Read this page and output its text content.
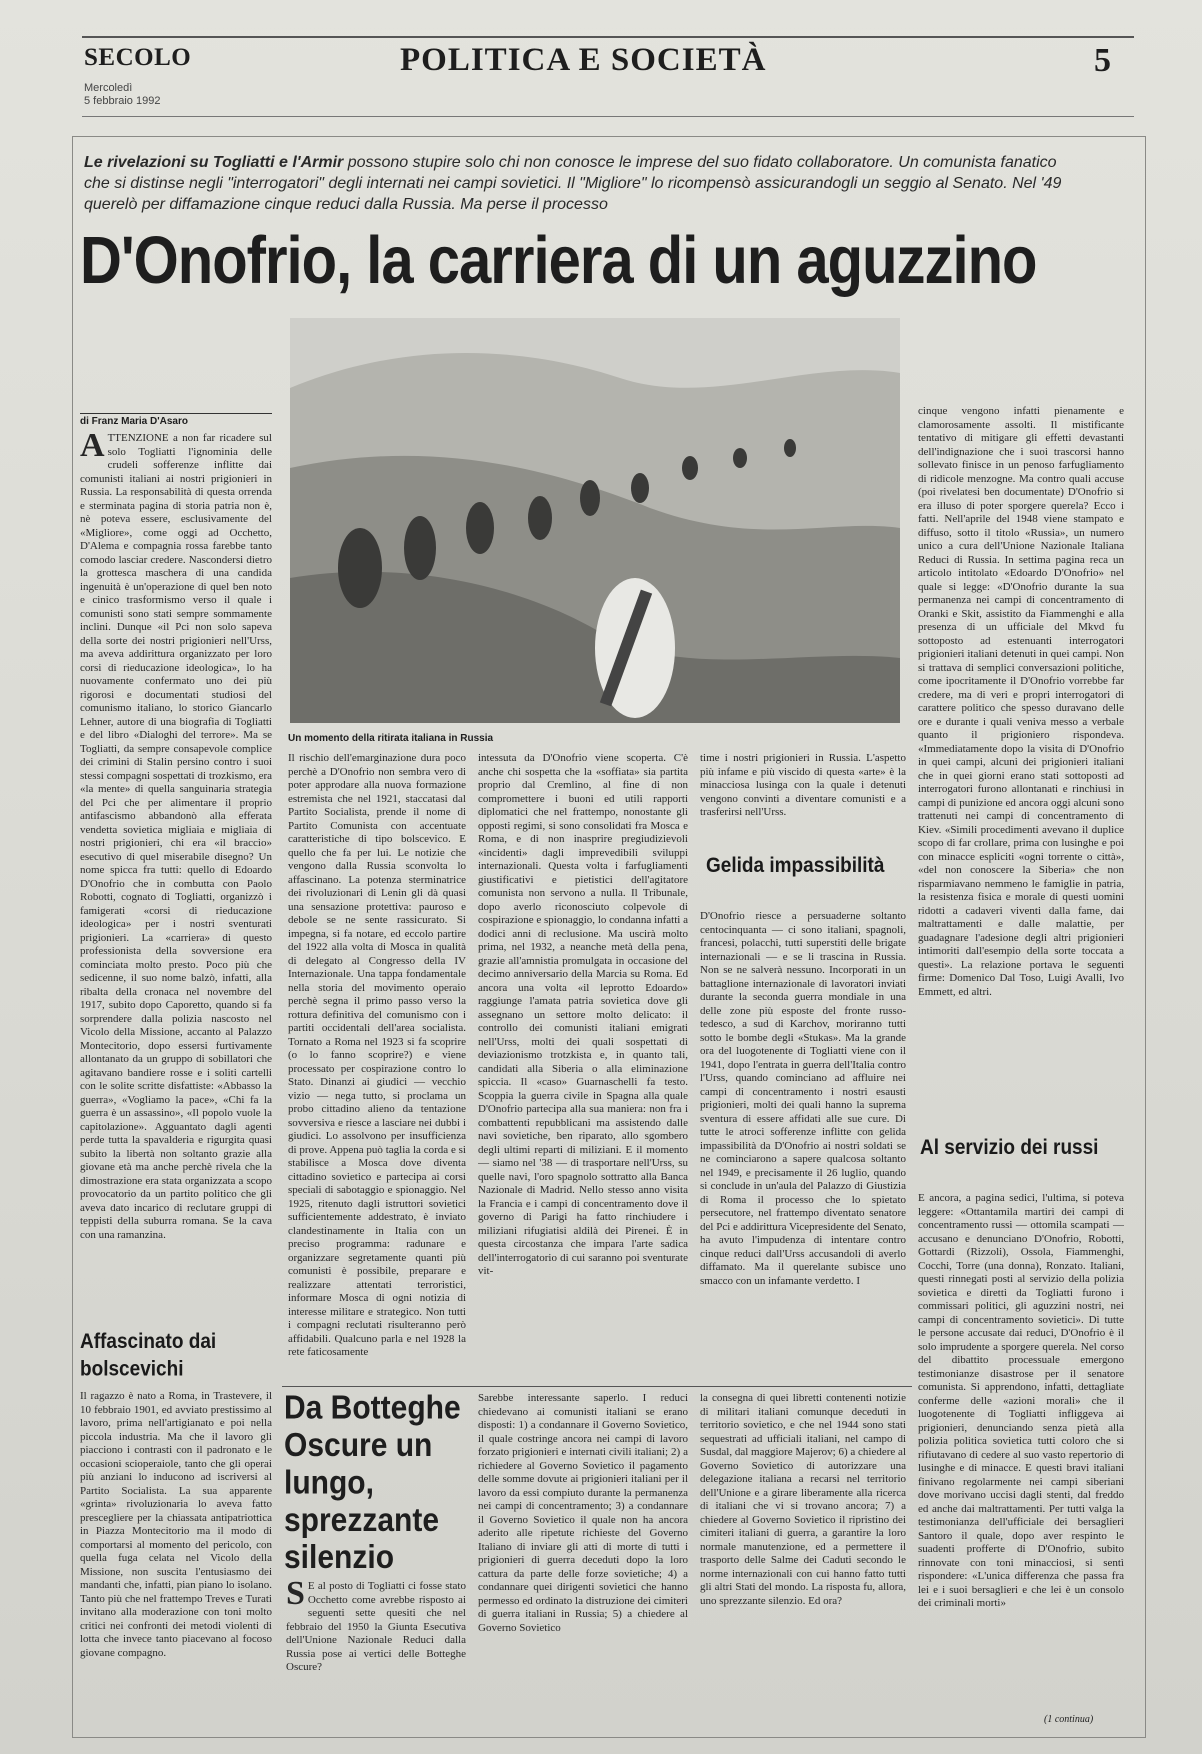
SECOLO
Mercoledì
5 febbraio 1992
POLITICA E SOCIETÀ	5
Le rivelazioni su Togliatti e l'Armir possono stupire solo chi non conosce le imprese del suo fidato collaboratore. Un comunista fanatico che si distinse negli "interrogatori" degli internati nei campi sovietici. Il "Migliore" lo ricompensò assicurandogli un seggio al Senato. Nel '49 querelò per diffamazione cinque reduci dalla Russia. Ma perse il processo
D'Onofrio, la carriera di un aguzzino
Un momento della ritirata italiana in Russia
di Franz Maria D'Asaro
ATTENZIONE a non far ricadere sul solo Togliatti l'ignominia delle crudeli sofferenze inflitte dai comunisti italiani ai nostri prigionieri in Russia. La responsabilità di questa orrenda e sterminata pagina di storia patria non è, nè poteva essere, esclusivamente del «Migliore», come oggi ad Occhetto, D'Alema e compagnia rossa farebbe tanto comodo lasciar credere. Nascondersi dietro la grottesca maschera di una candida ingenuità è un'operazione di quel ben noto e cinico trasformismo verso il quale i comunisti sono stati sempre sommamente inclini. Dunque «il Pci non solo sapeva della sorte dei nostri prigionieri nell'Urss, ma aveva addirittura organizzato per loro corsi di rieducazione ideologica», lo ha nuovamente confermato uno dei più rigorosi e documentati studiosi del comunismo italiano, lo storico Giancarlo Lehner, autore di una biografia di Togliatti e del libro «Dialoghi del terrore». Ma se Togliatti, da sempre consapevole complice dei crimini di Stalin persino contro i suoi stessi compagni sospettati di trozkismo, era «la mente» di quella sanguinaria strategia del Pci che per alimentare il proprio antifascismo abbandonò alla efferata vendetta sovietica migliaia e migliaia di nostri prigionieri, chi era «il braccio» esecutivo di quel miserabile disegno? Un nome spicca fra tutti: quello di Edoardo D'Onofrio che in combutta con Paolo Robotti, cognato di Togliatti, organizzò i famigerati «corsi di rieducazione ideologica» per i nostri sventurati prigionieri. La «carriera» di questo professionista della sovversione era cominciata molto presto. Poco più che sedicenne, il suo nome balzò, infatti, alla ribalta della cronaca nel novembre del 1917, subito dopo Caporetto, quando si fa sorprendere dalla polizia nascosto nel Vicolo della Missione, accanto al Palazzo Montecitorio, dopo essersi furtivamente allontanato da un gruppo di sobillatori che agitavano bandiere rosse e i soliti cartelli con le solite scritte disfattiste: «Abbasso la guerra», «Vogliamo la pace», «Chi fa la guerra è un assassino», «Il popolo vuole la capitolazione». Agguantato dagli agenti perde tutta la spavalderia e rigurgita quasi subito la libertà non soltanto grazie alla giovane età ma anche perchè rivela che la dimostrazione era stata organizzata a scopo provocatorio da un partito politico che gli aveva dato incarico di reclutare gruppi di teppisti della suburra romana. Se la cava con una ramanzina.
Affascinato dai bolscevichi
Il ragazzo è nato a Roma, in Trastevere, il 10 febbraio 1901, ed avviato prestissimo al lavoro, prima nell'artigianato e poi nella piccola industria. Ma che il lavoro gli piacciono i contrasti con il padronato e le occasioni scioperaiole, tanto che gli operai più anziani lo inducono ad iscriversi al Partito Socialista. La sua apparente «grinta» rivoluzionaria lo aveva fatto prescegliere per la chiassata antipatriottica in Piazza Montecitorio ma il modo di comportarsi al momento del pericolo, con quella fuga celata nel Vicolo della Missione, non suscita l'entusiasmo dei mandanti che, infatti, pian piano lo isolano. Tanto più che nel frattempo Treves e Turati invitano alla moderazione con toni molto critici nei confronti dei metodi violenti di lotta che invece tanto piacevano al focoso giovane compagno.
Il rischio dell'emarginazione dura poco perchè a D'Onofrio non sembra vero di poter approdare alla nuova formazione estremista che nel 1921, staccatasi dal Partito Socialista, prende il nome di Partito Comunista con accentuate caratteristiche di tipo bolscevico. E quello che fa per lui. Le notizie che vengono dalla Russia sconvolta lo affascinano. La potenza sterminatrice dei rivoluzionari di Lenin gli dà quasi una sensazione protettiva: pauroso e debole se ne sente rassicurato. Si impegna, si fa notare, ed eccolo partire del 1922 alla volta di Mosca in qualità di delegato al Congresso della IV Internazionale. Una tappa fondamentale nella storia del movimento operaio perchè segna il primo passo verso la rottura definitiva del comunismo con i partiti occidentali dell'area socialista. Tornato a Roma nel 1923 si fa scoprire (o lo fanno scoprire?) e viene processato per cospirazione contro lo Stato. Dinanzi ai giudici — vecchio vizio — nega tutto, si proclama un probo cittadino alieno da tentazione sovversiva e riesce a lasciare nei dubbi i giudici. Lo assolvono per insufficienza di prove. Appena può taglia la corda e si stabilisce a Mosca dove diventa cittadino sovietico e partecipa ai corsi speciali di sabotaggio e spionaggio. Nel 1925, ritenuto dagli istruttori sovietici sufficientemente addestrato, è inviato clandestinamente in Italia con un preciso programma: radunare e organizzare segretamente quanti più comunisti è possibile, preparare e realizzare attentati terroristici, informare Mosca di ogni notizia di interesse militare e strategico. Non tutti i compagni reclutati risulteranno però affidabili. Qualcuno parla e nel 1928 la rete faticosamente
intessuta da D'Onofrio viene scoperta. C'è anche chi sospetta che la «soffiata» sia partita proprio dal Cremlino, al fine di non compromettere i buoni ed utili rapporti diplomatici che nel frattempo, nonostante gli opposti regimi, si sono consolidati fra Mosca e Roma, e di non inasprire pregiudizievoli «incidenti» dagli imprevedibili sviluppi internazionali. Questa volta i farfugliamenti giustificativi e pietistici dell'agitatore comunista non servono a nulla. Il Tribunale, dopo averlo riconosciuto colpevole di cospirazione e spionaggio, lo condanna infatti a dodici anni di reclusione. Ma uscirà molto prima, nel 1932, a neanche metà della pena, grazie all'amnistia promulgata in occasione del decimo anniversario della Marcia su Roma. Ed ancora una volta «il leprotto Edoardo» raggiunge l'amata patria sovietica dove gli assegnano un settore molto delicato: il controllo dei comunisti italiani emigrati nell'Urss, molti dei quali sospettati di deviazionismo trotzkista e, in quanto tali, candidati alla Siberia o alla eliminazione spiccia. Il «caso» Guarnaschelli fa testo. Scoppia la guerra civile in Spagna alla quale D'Onofrio partecipa alla sua maniera: non fra i combattenti repubblicani ma assistendo dalle navi sovietiche, ben riparato, allo sgombero degli ultimi reparti di miliziani. E il momento — siamo nel '38 — di trasportare nell'Urss, su quelle navi, l'oro spagnolo sottratto alla Banca Nazionale di Madrid. Nello stesso anno visita la Francia e i campi di concentramento dove il governo di Parigi ha fatto rinchiudere i miliziani rifugiatisi aldilà dei Pirenei. È in questa circostanza che impara l'arte sadica dell'interrogatorio di cui saranno poi sventurate vit-
time i nostri prigionieri in Russia. L'aspetto più infame e più viscido di questa «arte» è la minacciosa lusinga con la quale i detenuti vengono convinti a diventare comunisti e a trasferirsi nell'Urss.
Gelida impassibilità
D'Onofrio riesce a persuaderne soltanto centocinquanta — ci sono italiani, spagnoli, francesi, polacchi, tutti superstiti delle brigate internazionali — e se li trascina in Russia. Non se ne salverà nessuno. Incorporati in un battaglione internazionale di lavoratori inviati durante la seconda guerra mondiale in una delle zone più esposte del fronte russo-tedesco, a sud di Karchov, moriranno tutti sotto le bombe degli «Stukas». Ma la grande ora del luogotenente di Togliatti viene con il 1941, dopo l'entrata in guerra dell'Italia contro l'Urss, quando cominciano ad affluire nei campi di concentramento i nostri esausti prigionieri, molti dei quali hanno la suprema sventura di essere affidati alle sue cure. Di tutte le atroci sofferenze inflitte con gelida impassibilità da D'Onofrio ai nostri soldati se ne cominciarono a sapere qualcosa soltanto nel 1949, e precisamente il 26 luglio, quando si conclude in un'aula del Palazzo di Giustizia di Roma il processo che lo spietato persecutore, nel frattempo diventato senatore del Pci e addirittura Vicepresidente del Senato, ha avuto l'impudenza di intentare contro cinque reduci dall'Urss accusandoli di averlo diffamato. Ma il querelante subisce uno smacco con un infamante verdetto. I
cinque vengono infatti pienamente e clamorosamente assolti. Il mistificante tentativo di mitigare gli effetti devastanti dell'indignazione che i suoi trascorsi hanno sollevato finisce in un penoso farfugliamento di ridicole menzogne. Ma contro quali accuse (poi rivelatesi ben documentate) D'Onofrio si era illuso di poter sporgere querela? Ecco i fatti. Nell'aprile del 1948 viene stampato e diffuso, sotto il titolo «Russia», un numero unico a cura dell'Unione Nazionale Italiana Reduci di Russia. In settima pagina reca un articolo intitolato «Edoardo D'Onofrio» nel quale si legge: «D'Onofrio durante la sua permanenza nei campi di concentramento di Oranki e Skit, assistito da Fiammenghi e alla presenza di un ufficiale del Mkvd fu sottoposto ad estenuanti interrogatori prigionieri italiani detenuti in quei campi. Non si trattava di semplici conversazioni politiche, come ipocritamente il D'Onofrio vorrebbe far credere, ma di veri e propri interrogatori di carattere politico che spesso duravano delle ore e durante i quali veniva messo a verbale quanto il prigioniero rispondeva. «Immediatamente dopo la visita di D'Onofrio in quei campi, alcuni dei prigionieri italiani che in quei giorni erano stati sottoposti ad interrogatori furono allontanati e rinchiusi in campi di punizione ed ancora oggi alcuni sono trattenuti nei campi di concentramento di Kiev. «Simili procedimenti avevano il duplice scopo di far crollare, prima con lusinghe e poi con minacce espliciti «ogni torrente o città», «del non conoscere la Siberia» che non risparmiavano nemmeno le famiglie in patria, la resistenza fisica e morale di questi uomini ridotti a cadaveri viventi dalla fame, dai maltrattamenti e dalle malattie, per guadagnare l'adesione degli altri prigionieri intimoriti dall'esempio della sorte toccata a questi». La relazione portava le seguenti firme: Domenico Dal Toso, Luigi Avalli, Ivo Emmett, ed altri.
Al servizio dei russi
E ancora, a pagina sedici, l'ultima, si poteva leggere: «Ottantamila martiri dei campi di concentramento russi — ottomila scampati — accusano e denunciano D'Onofrio, Robotti, Gottardi (Rizzoli), Ossola, Fiammenghi, Cocchi, Torre (una donna), Ronzato. Italiani, questi rinnegati posti al servizio della polizia sovietica e diretti da Togliatti furono i commissari politici, gli aguzzini nostri, nei campi di concentramento sovietici». Di tutte le persone accusate dai reduci, D'Onofrio è il solo imprudente a sporgere querela. Nel corso del dibattito processuale emergono testimonianze disastrose per il senatore comunista. Si apprendono, infatti, dettagliate conferme delle «azioni morali» che il luogotenente di Togliatti infliggeva ai prigionieri, denunciando senza pietà alla polizia politica sovietica tutti coloro che si rifiutavano di cedere al suo vasto repertorio di lusinghe e di minacce. E questi bravi italiani finivano regolarmente nei campi siberiani dove morivano uccisi dagli stenti, dal freddo ed anche dai maltrattamenti. Per tutti valga la testimonianza dell'ufficiale dei bersaglieri Santoro il quale, dopo aver respinto le suadenti profferte di D'Onofrio, subito rinnovate con toni minacciosi, si sentì rispondere: «L'unica differenza che passa fra lei e i suoi bersaglieri e che lei è un consolo dei criminali morti»
(1 continua)
Da Botteghe Oscure un lungo, sprezzante silenzio
S E al posto di Togliatti ci fosse stato Occhetto come avrebbe risposto ai seguenti sette quesiti che nel febbraio del 1950 la Giunta Esecutiva dell'Unione Nazionale Reduci dalla Russia pose ai vertici delle Botteghe Oscure?
Sarebbe interessante saperlo. I reduci chiedevano ai comunisti italiani se erano disposti: 1) a condannare il Governo Sovietico, il quale costringe ancora nei campi di lavoro forzato prigionieri e internati civili italiani; 2) a richiedere al Governo Sovietico il pagamento delle somme dovute ai prigionieri italiani per il lavoro da essi compiuto durante la permanenza nei campi di concentramento; 3) a condannare il Governo Sovietico il quale non ha ancora aderito alle ripetute richieste del Governo Italiano di inviare gli atti di morte di tutti i prigionieri di guerra deceduti dopo la loro cattura da parte delle forze sovietiche; 4) a condannare quei dirigenti sovietici che hanno permesso ed ordinato la distruzione dei cimiteri di guerra italiani in Russia; 5) a chiedere al Governo Sovietico
la consegna di quei libretti contenenti notizie di militari italiani comunque deceduti in territorio sovietico, e che nel 1944 sono stati sequestrati ad ufficiali italiani, nel campo di Susdal, dal maggiore Majerov; 6) a chiedere al Governo Sovietico di autorizzare una delegazione italiana a recarsi nel territorio dell'Unione e a girare liberamente alla ricerca di italiani che vi si trovano ancora; 7) a chiedere al Governo Sovietico il ripristino dei cimiteri italiani di guerra, a garantire la loro normale manutenzione, ed a permettere il trasporto delle Salme dei Caduti secondo le norme internazionali con cui hanno fatto tutti gli altri Stati del mondo. La risposta fu, allora, uno sprezzante silenzio. Ed ora?
